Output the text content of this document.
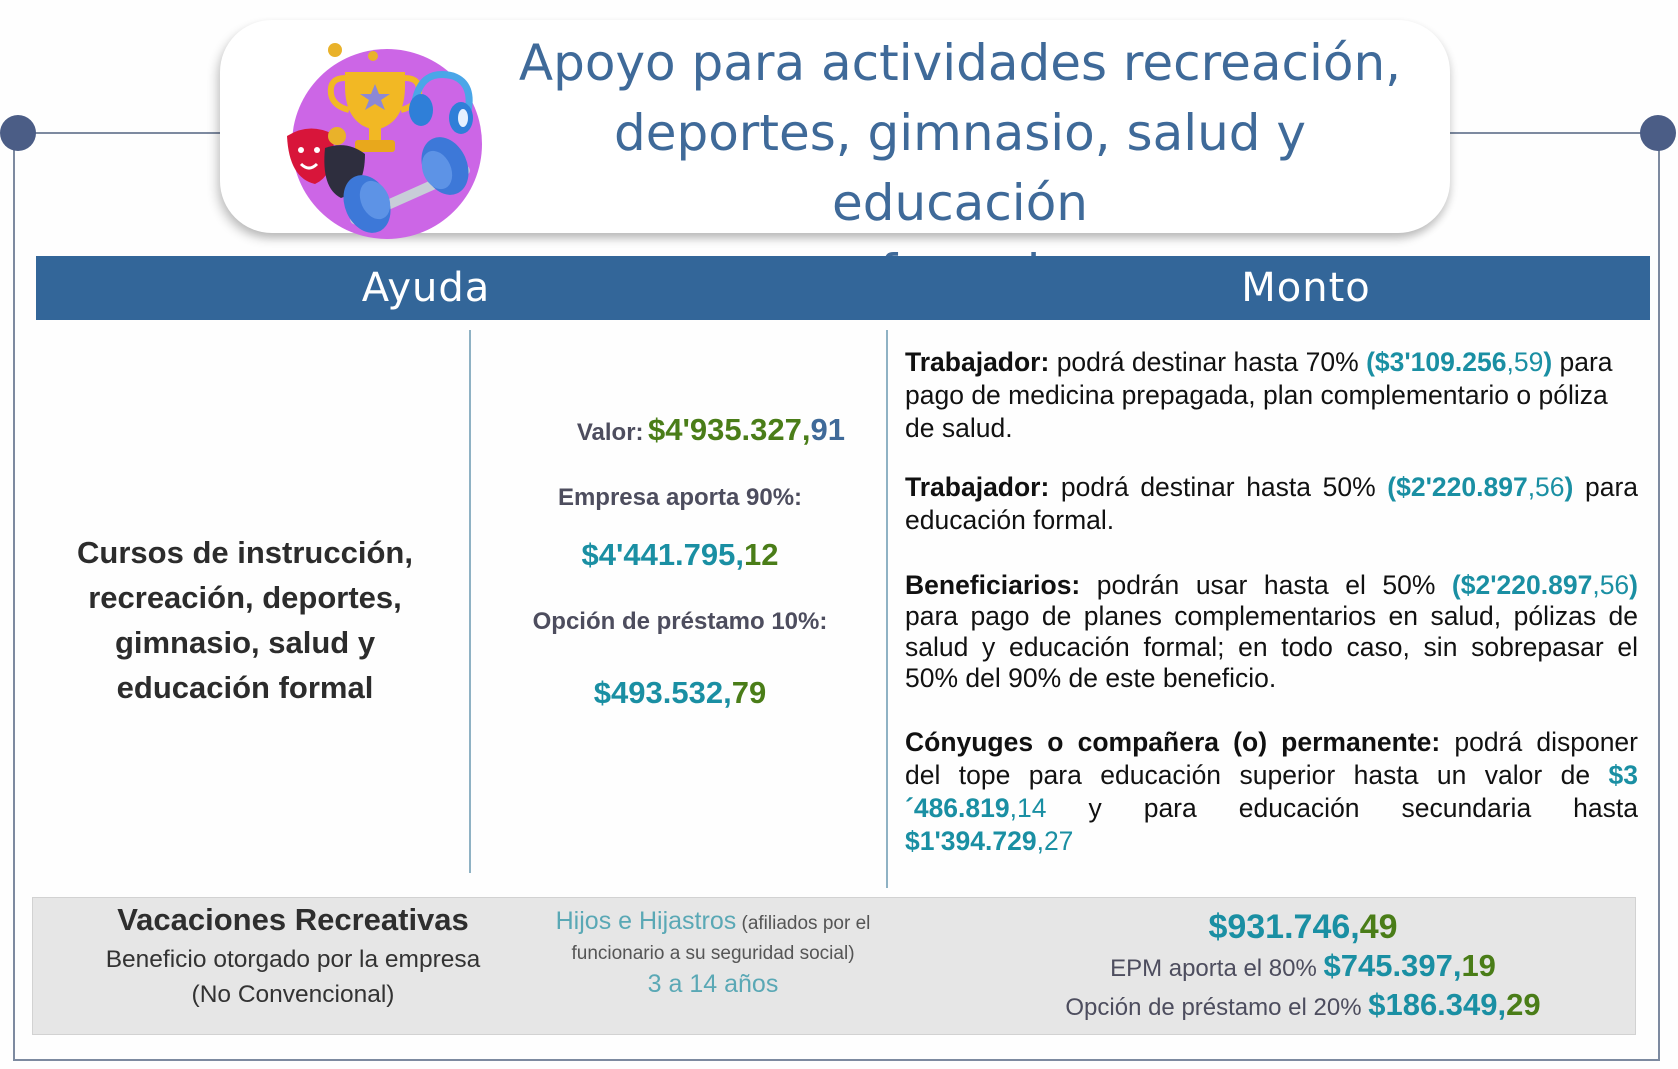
Apoyo para actividades recreación,
deportes, gimnasio, salud y educación
Ayuda	Monto
Cursos de instrucción,
recreación, deportes,
gimnasio, salud y
educación formal
Valor: $4'935.327,91
Empresa aporta 90%:
$4'441.795,12
Opción de préstamo 10%:
$493.532,79
Trabajador: podrá destinar hasta 70% ($3'109.256,59) para pago de medicina prepagada, plan complementario o póliza de salud.
Trabajador: podrá destinar hasta 50% ($2'220.897,56) para educación formal.
Beneficiarios: podrán usar hasta el 50% ($2'220.897,56) para pago de planes complementarios en salud, pólizas de salud y educación formal; en todo caso, sin sobrepasar el 50% del 90% de este beneficio.
Cónyuges o compañera (o) permanente: podrá disponer del tope para educación superior hasta un valor de $3´486.819,14 y para educación secundaria hasta $1'394.729,27
Vacaciones Recreativas
Beneficio otorgado por la empresa
(No Convencional)
Hijos e Hijastros (afiliados por el
funcionario a su seguridad social)
3 a 14 años
$931.746,49
EPM aporta el 80% $745.397,19
Opción de préstamo el 20% $186.349,29
